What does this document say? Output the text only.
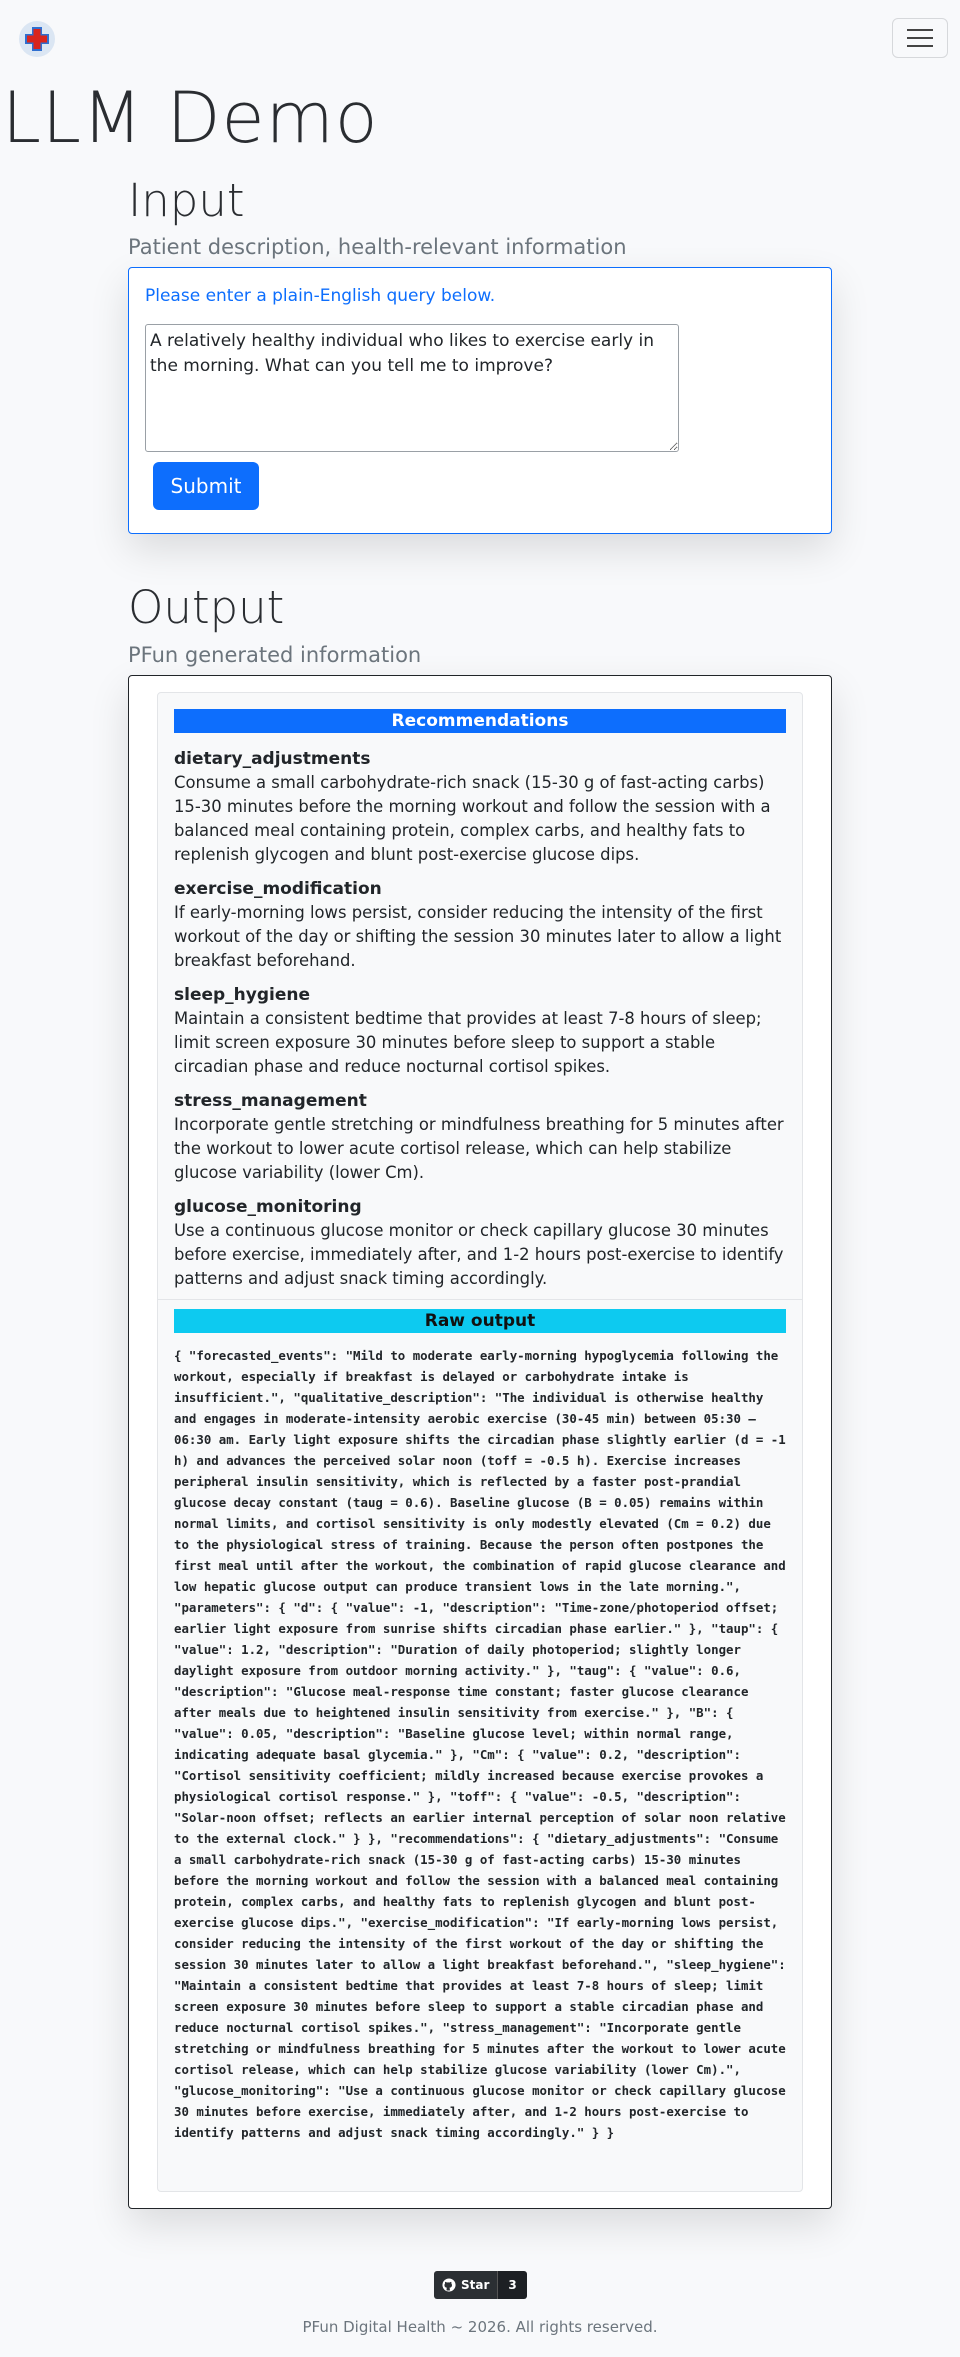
LLM Demo
Input

Patient description, health-relevant information

Please enter a plain-English query below.

A relatively healthy individual who likes to exercise early in the morning. What can you tell me to improve?
Submit
Output

PFun generated information

Recommendations

dietary_adjustments

Consume a small carbohydrate-rich snack (15-30 g of fast-acting carbs) 15-30 minutes before the morning workout and follow the session with a balanced meal containing protein, complex carbs, and healthy fats to replenish glycogen and blunt post-exercise glucose dips.

exercise_modification

If early-morning lows persist, consider reducing the intensity of the first workout of the day or shifting the session 30 minutes later to allow a light breakfast beforehand.

sleep_hygiene

Maintain a consistent bedtime that provides at least 7-8 hours of sleep; limit screen exposure 30 minutes before sleep to support a stable circadian phase and reduce nocturnal cortisol spikes.

stress_management

Incorporate gentle stretching or mindfulness breathing for 5 minutes after the workout to lower acute cortisol release, which can help stabilize glucose variability (lower Cm).

glucose_monitoring

Use a continuous glucose monitor or check capillary glucose 30 minutes before exercise, immediately after, and 1-2 hours post-exercise to identify patterns and adjust snack timing accordingly.

Raw output

{ "forecasted_events": "Mild to moderate early-morning hypoglycemia following the workout, especially if breakfast is delayed or carbohydrate intake is insufficient.", "qualitative_description": "The individual is otherwise healthy and engages in moderate-intensity aerobic exercise (30-45 min) between 05:30 – 06:30 am. Early light exposure shifts the circadian phase slightly earlier (d = -1 h) and advances the perceived solar noon (toff = -0.5 h). Exercise increases peripheral insulin sensitivity, which is reflected by a faster post-prandial glucose decay constant (taug = 0.6). Baseline glucose (B = 0.05) remains within normal limits, and cortisol sensitivity is only modestly elevated (Cm = 0.2) due to the physiological stress of training. Because the person often postpones the first meal until after the workout, the combination of rapid glucose clearance and low hepatic glucose output can produce transient lows in the late morning.", "parameters": { "d": { "value": -1, "description": "Time-zone/photoperiod offset; earlier light exposure from sunrise shifts circadian phase earlier." }, "taup": { "value": 1.2, "description": "Duration of daily photoperiod; slightly longer daylight exposure from outdoor morning activity." }, "taug": { "value": 0.6, "description": "Glucose meal-response time constant; faster glucose clearance after meals due to heightened insulin sensitivity from exercise." }, "B": { "value": 0.05, "description": "Baseline glucose level; within normal range, indicating adequate basal glycemia." }, "Cm": { "value": 0.2, "description": "Cortisol sensitivity coefficient; mildly increased because exercise provokes a physiological cortisol response." }, "toff": { "value": -0.5, "description": "Solar-noon offset; reflects an earlier internal perception of solar noon relative to the external clock." } }, "recommendations": { "dietary_adjustments": "Consume a small carbohydrate-rich snack (15-30 g of fast-acting carbs) 15-30 minutes before the morning workout and follow the session with a balanced meal containing protein, complex carbs, and healthy fats to replenish glycogen and blunt post-exercise glucose dips.", "exercise_modification": "If early-morning lows persist, consider reducing the intensity of the first workout of the day or shifting the session 30 minutes later to allow a light breakfast beforehand.", "sleep_hygiene": "Maintain a consistent bedtime that provides at least 7-8 hours of sleep; limit screen exposure 30 minutes before sleep to support a stable circadian phase and reduce nocturnal cortisol spikes.", "stress_management": "Incorporate gentle stretching or mindfulness breathing for 5 minutes after the workout to lower acute cortisol release, which can help stabilize glucose variability (lower Cm).", "glucose_monitoring": "Use a continuous glucose monitor or check capillary glucose 30 minutes before exercise, immediately after, and 1-2 hours post-exercise to identify patterns and adjust snack timing accordingly." } }

Star	3

PFun Digital Health ~ 2026. All rights reserved.
